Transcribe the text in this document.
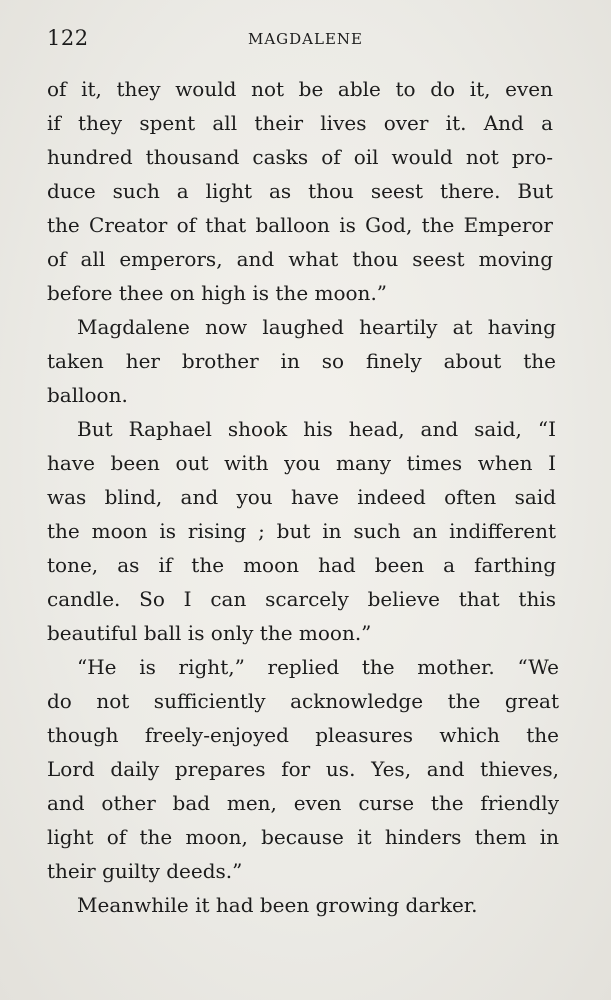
122	MAGDALENE
of it, they would not be able to do it, even
if they spent all their lives over it. And a
hundred thousand casks of oil would not pro-
duce such a light as thou seest there. But
the Creator of that balloon is God, the Emperor
of all emperors, and what thou seest moving
before thee on high is the moon.”
Magdalene now laughed heartily at having
taken her brother in so finely about the
balloon.
But Raphael shook his head, and said, “I
have been out with you many times when I
was blind, and you have indeed often said
the moon is rising ; but in such an indifferent
tone, as if the moon had been a farthing
candle. So I can scarcely believe that this
beautiful ball is only the moon.”
“He is right,” replied the mother. “We
do not sufficiently acknowledge the great
though freely-enjoyed pleasures which the
Lord daily prepares for us. Yes, and thieves,
and other bad men, even curse the friendly
light of the moon, because it hinders them in
their guilty deeds.”
Meanwhile it had been growing darker.
